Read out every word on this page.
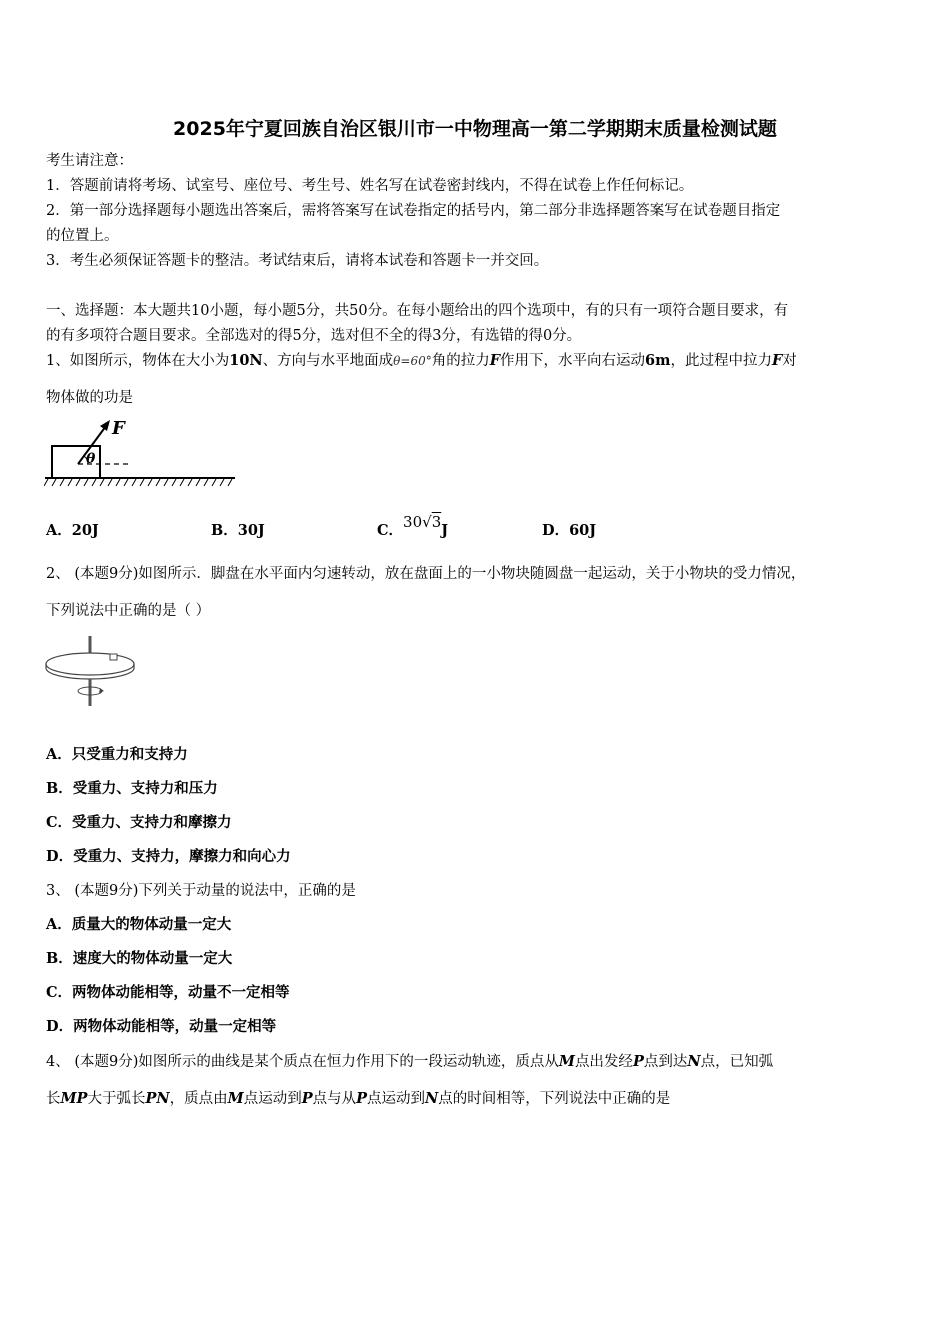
2025年宁夏回族自治区银川市一中物理高一第二学期期末质量检测试题
考生请注意：
1．答题前请将考场、试室号、座位号、考生号、姓名写在试卷密封线内，不得在试卷上作任何标记。
2．第一部分选择题每小题选出答案后，需将答案写在试卷指定的括号内，第二部分非选择题答案写在试卷题目指定
的位置上。
3．考生必须保证答题卡的整洁。考试结束后，请将本试卷和答题卡一并交回。
一、选择题：本大题共10小题，每小题5分，共50分。在每小题给出的四个选项中，有的只有一项符合题目要求，有
的有多项符合题目要求。全部选对的得5分，选对但不全的得3分，有选错的得0分。
1、如图所示，物体在大小为10N、方向与水平地面成θ=60°角的拉力F作用下，水平向右运动6m，此过程中拉力F对
物体做的功是
F
θ
A．20J	B．30J	C．30√3J	D．60J
2、 (本题9分)如图所示．脚盘在水平面内匀速转动，放在盘面上的一小物块随圆盘一起运动，关于小物块的受力情况，
下列说法中正确的是（ ）
A．只受重力和支持力
B．受重力、支持力和压力
C．受重力、支持力和摩擦力
D．受重力、支持力，摩擦力和向心力
3、 (本题9分)下列关于动量的说法中，正确的是
A．质量大的物体动量一定大
B．速度大的物体动量一定大
C．两物体动能相等，动量不一定相等
D．两物体动能相等，动量一定相等
4、 (本题9分)如图所示的曲线是某个质点在恒力作用下的一段运动轨迹，质点从M点出发经P点到达N点，已知弧
长MP大于弧长PN，质点由M点运动到P点与从P点运动到N点的时间相等，下列说法中正确的是
